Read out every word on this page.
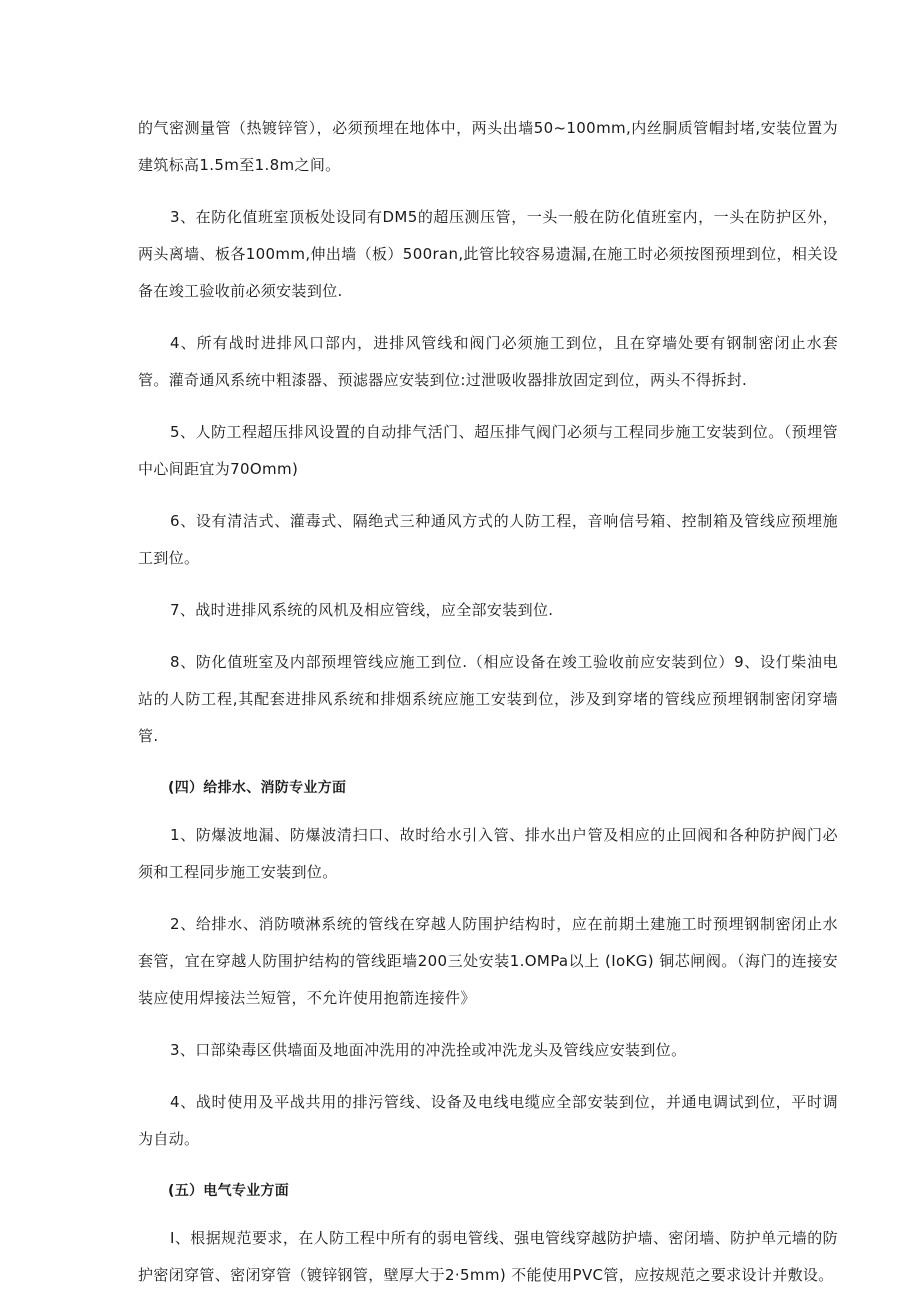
的气密测量管（热镀锌管），必须预埋在地体中，两头出墙50~100mm,内丝胴质管帽封堵,安装位置为建筑标高1.5m至1.8m之间。

3、在防化值班室顶板处设同有DM5的超压测压管，一头一般在防化值班室内，一头在防护区外，两头离墙、板各100mm,伸出墙（板）500ran,此管比较容易遗漏,在施工时必须按图预埋到位，相关设备在竣工验收前必须安装到位.

4、所有战时进排风口部内，进排风管线和阀门必须施工到位，且在穿墙处要有钢制密闭止水套管。灌奇通风系统中粗漆器、预滤器应安装到位:过泄吸收器排放固定到位，两头不得拆封.

5、人防工程超压排风设置的自动排气活门、超压排气阀门必须与工程同步施工安装到位。（预埋管中心间距宜为70Omm)

6、设有清洁式、灌毒式、隔绝式三种通风方式的人防工程，音响信号箱、控制箱及管线应预埋施工到位。

7、战时进排风系统的风机及相应管线，应全部安装到位.

8、防化值班室及内部预埋管线应施工到位.（相应设备在竣工验收前应安装到位）9、设仃柴油电站的人防工程,其配套进排风系统和排烟系统应施工安装到位，涉及到穿堵的管线应预埋钢制密闭穿墙管.

(四）给排水、消防专业方面

1、防爆波地漏、防爆波清扫口、故时给水引入管、排水出户管及相应的止回阀和各种防护阀门必须和工程同步施工安装到位。

2、给排水、消防喷淋系统的管线在穿越人防围护结构时，应在前期土建施工时预埋钢制密闭止水套管，宜在穿越人防围护结构的管线距墙200三处安装1.OMPa以上 (IoKG) 铜芯闸阀。（海门的连接安装应使用焊接法兰短管，不允许使用抱箭连接件》

3、口部染毒区供墙面及地面冲洗用的冲洗拴或冲洗龙头及管线应安装到位。

4、战时使用及平战共用的排污管线、设备及电线电缆应全部安装到位，并通电调试到位，平时调为自动。

(五）电气专业方面

I、根据规范要求，在人防工程中所有的弱电管线、强电管线穿越防护墙、密闭墙、防护单元墙的防护密闭穿管、密闭穿管（镀锌钢管，壁厚大于2·5mm) 不能使用PVC管，应按规范之要求设计并敷设。
